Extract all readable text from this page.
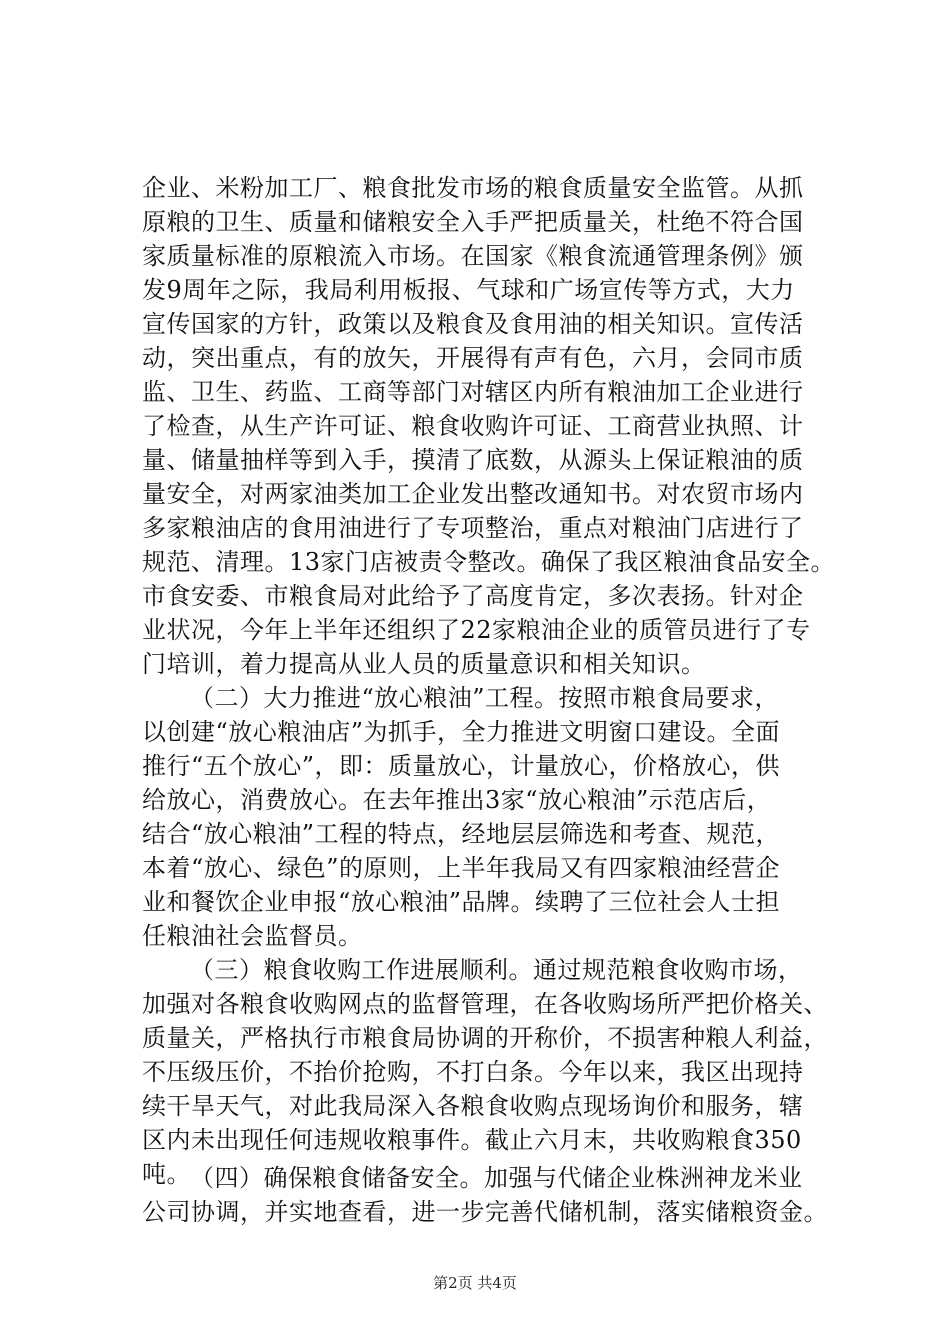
企业、米粉加工厂、粮食批发市场的粮食质量安全监管。从抓
原粮的卫生、质量和储粮安全入手严把质量关，杜绝不符合国
家质量标准的原粮流入市场。在国家《粮食流通管理条例》颁
发9周年之际，我局利用板报、气球和广场宣传等方式，大力
宣传国家的方针，政策以及粮食及食用油的相关知识。宣传活
动，突出重点，有的放矢，开展得有声有色，六月，会同市质
监、卫生、药监、工商等部门对辖区内所有粮油加工企业进行
了检查，从生产许可证、粮食收购许可证、工商营业执照、计
量、储量抽样等到入手，摸清了底数，从源头上保证粮油的质
量安全，对两家油类加工企业发出整改通知书。对农贸市场内
多家粮油店的食用油进行了专项整治，重点对粮油门店进行了
规范、清理。13家门店被责令整改。确保了我区粮油食品安全。
市食安委、市粮食局对此给予了高度肯定，多次表扬。针对企
业状况，今年上半年还组织了22家粮油企业的质管员进行了专
门培训，着力提高从业人员的质量意识和相关知识。
（二）大力推进“放心粮油”工程。按照市粮食局要求，
以创建“放心粮油店”为抓手，全力推进文明窗口建设。全面
推行“五个放心”，即：质量放心，计量放心，价格放心，供
给放心，消费放心。在去年推出3家“放心粮油”示范店后，
结合“放心粮油”工程的特点，经地层层筛选和考查、规范，
本着“放心、绿色”的原则，上半年我局又有四家粮油经营企
业和餐饮企业申报“放心粮油”品牌。续聘了三位社会人士担
任粮油社会监督员。
（三）粮食收购工作进展顺利。通过规范粮食收购市场，
加强对各粮食收购网点的监督管理，在各收购场所严把价格关、
质量关，严格执行市粮食局协调的开称价，不损害种粮人利益，
不压级压价，不抬价抢购，不打白条。今年以来，我区出现持
续干旱天气，对此我局深入各粮食收购点现场询价和服务，辖
区内未出现任何违规收粮事件。截止六月末，共收购粮食350
吨。 （四）确保粮食储备安全。加强与代储企业株洲神龙米业
公司协调，并实地查看，进一步完善代储机制，落实储粮资金。
第2页 共4页
